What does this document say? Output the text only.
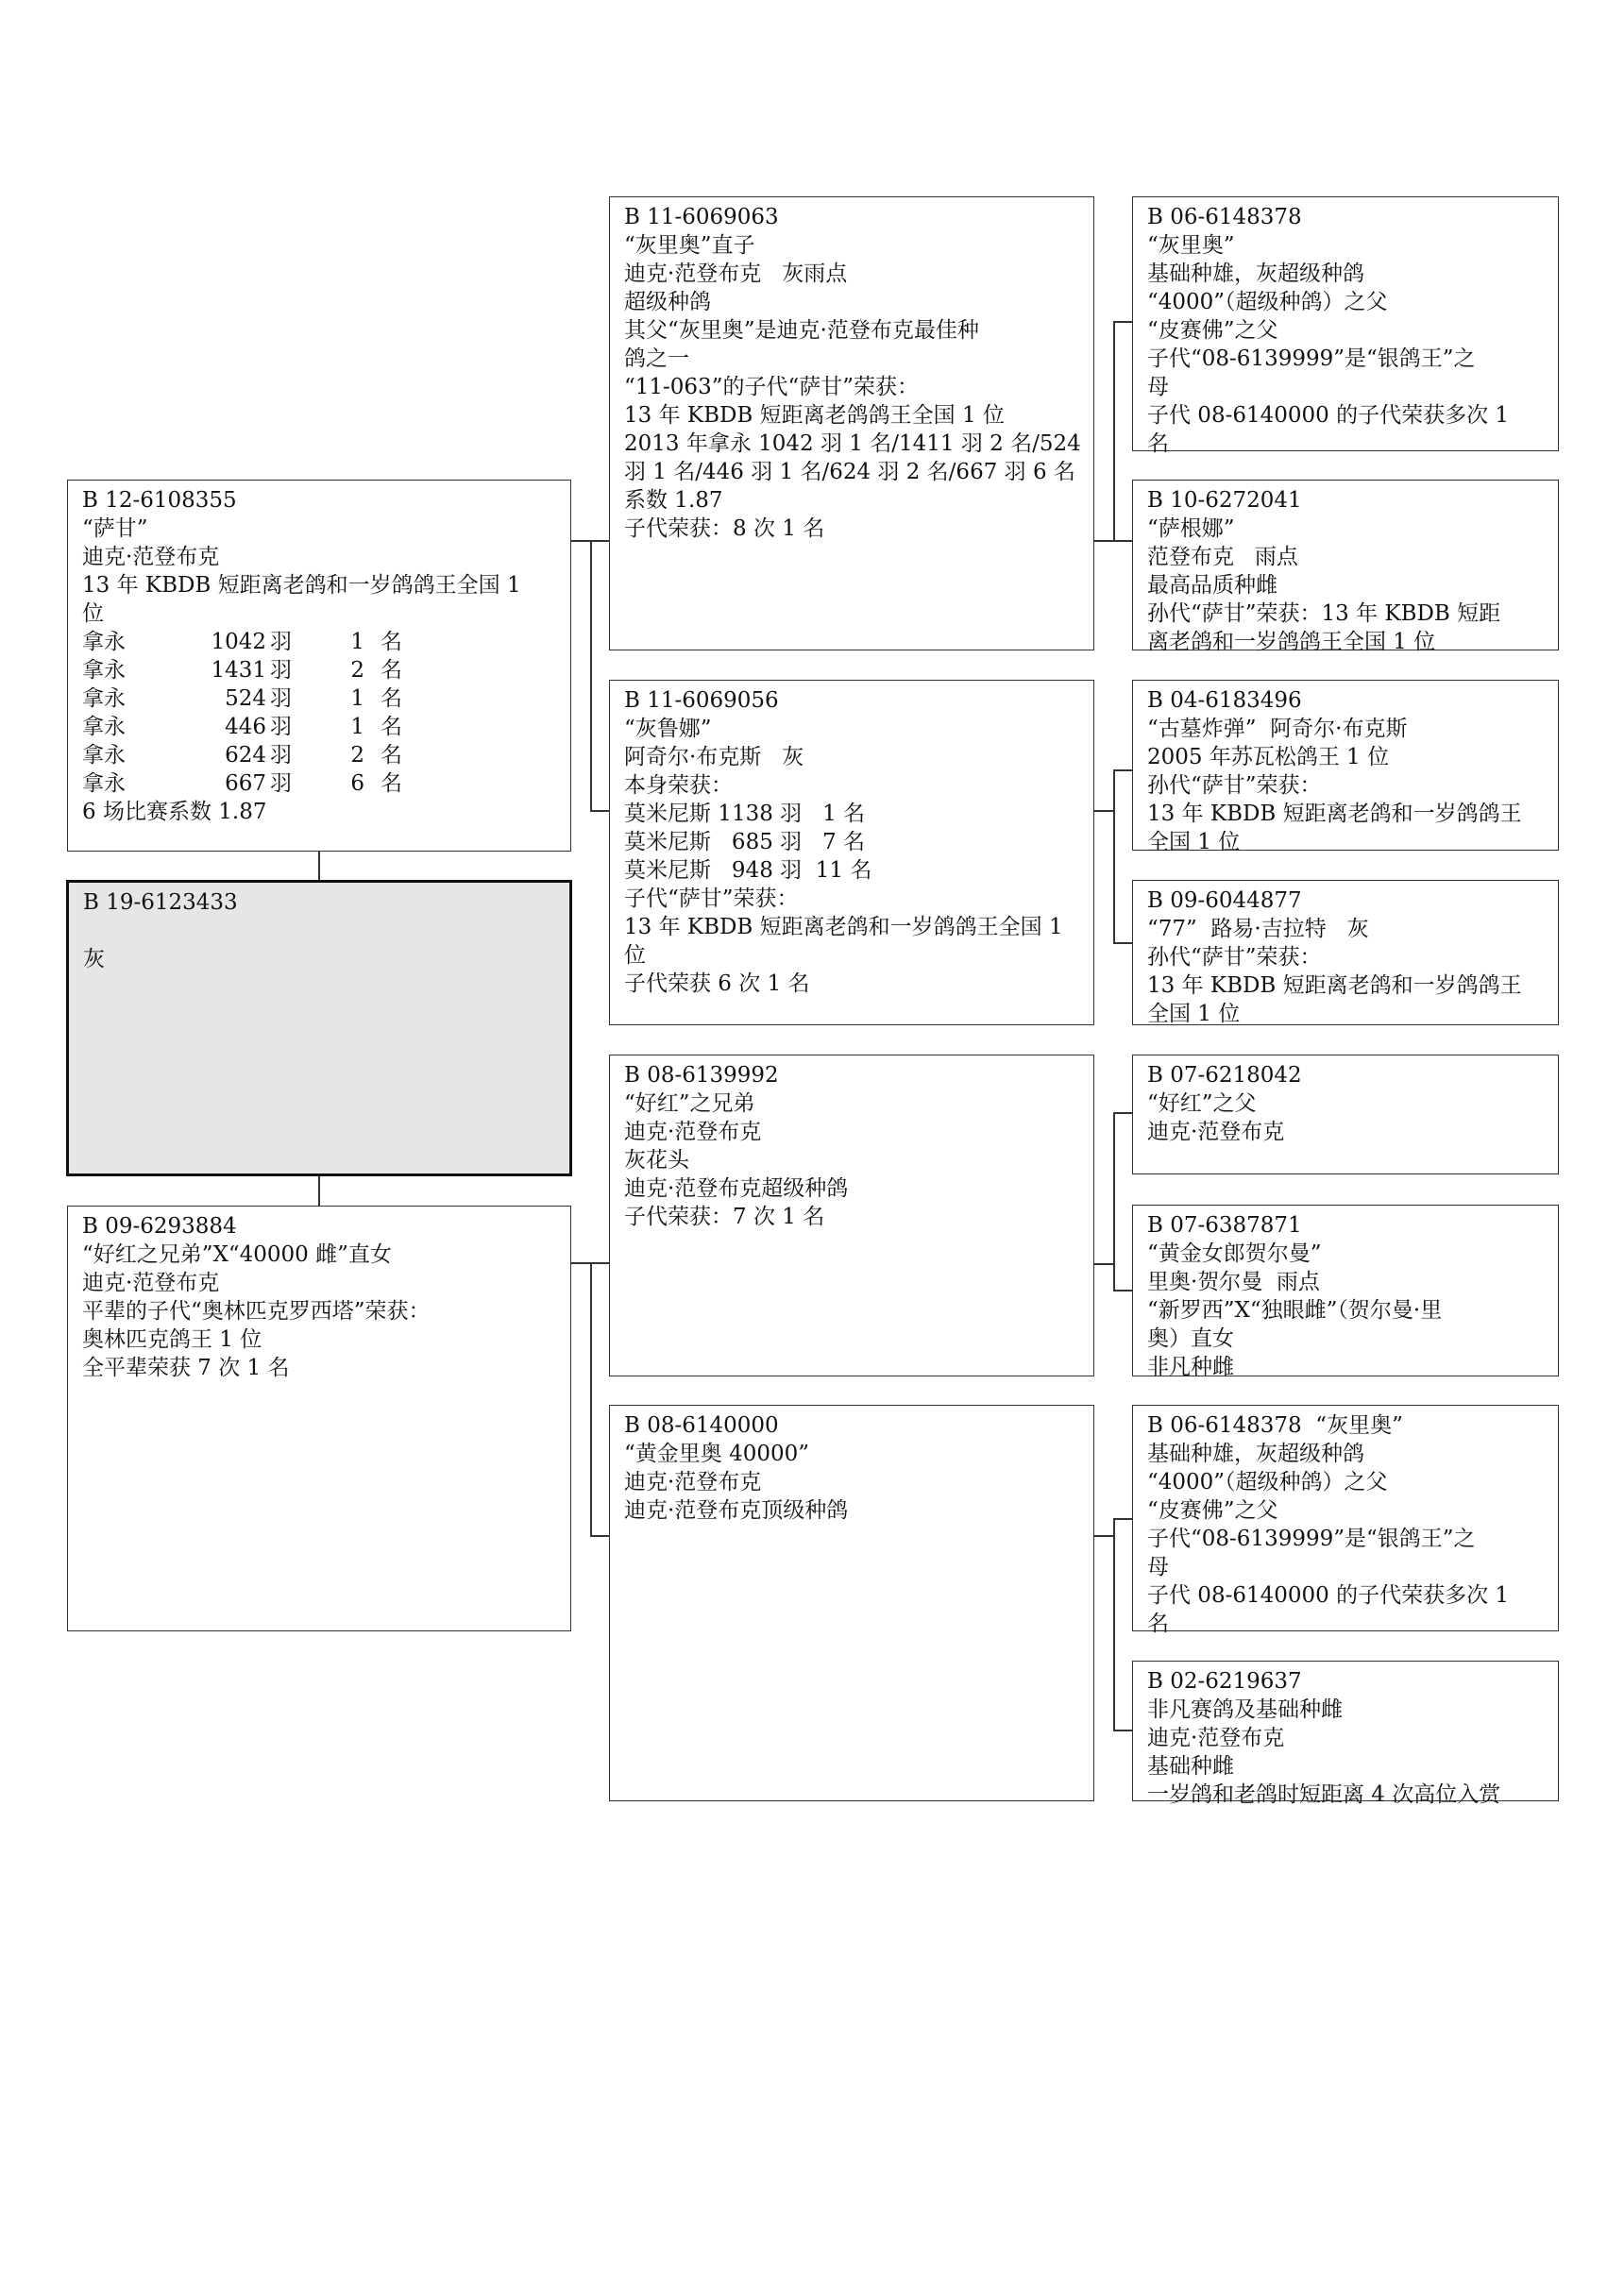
B 12-6108355
“萨甘”
迪克·范登布克
13 年 KBDB 短距离老鸽和一岁鸽鸽王全国 1
位
拿永	1042 羽	1 名
拿永	1431 羽	2 名
拿永	524 羽	1 名
拿永	446 羽	1 名
拿永	624 羽	2 名
拿永	667 羽	6 名
6 场比赛系数 1.87
B 19-6123433
灰
B 09-6293884
“好红之兄弟”X“40000 雌”直女
迪克·范登布克
平辈的子代“奥林匹克罗西塔”荣获：
奥林匹克鸽王 1 位
全平辈荣获 7 次 1 名
B 11-6069063
“灰里奥”直子
迪克·范登布克   灰雨点
超级种鸽
其父“灰里奥”是迪克·范登布克最佳种
鸽之一
“11-063”的子代“萨甘”荣获：
13 年 KBDB 短距离老鸽鸽王全国 1 位
2013 年拿永 1042 羽 1 名/1411 羽 2 名/524
羽 1 名/446 羽 1 名/624 羽 2 名/667 羽 6 名
系数 1.87
子代荣获：8 次 1 名
B 11-6069056
“灰鲁娜”
阿奇尔·布克斯   灰
本身荣获：
莫米尼斯 1138 羽   1 名
莫米尼斯   685 羽   7 名
莫米尼斯   948 羽  11 名
子代“萨甘”荣获：
13 年 KBDB 短距离老鸽和一岁鸽鸽王全国 1
位
子代荣获 6 次 1 名
B 08-6139992
“好红”之兄弟
迪克·范登布克
灰花头
迪克·范登布克超级种鸽
子代荣获：7 次 1 名
B 08-6140000
“黄金里奥 40000”
迪克·范登布克
迪克·范登布克顶级种鸽
B 06-6148378
“灰里奥”
基础种雄，灰超级种鸽
“4000”（超级种鸽）之父
“皮赛佛”之父
子代“08-6139999”是“银鸽王”之
母
子代 08-6140000 的子代荣获多次 1
名
B 10-6272041
“萨根娜”
范登布克   雨点
最高品质种雌
孙代“萨甘”荣获：13 年 KBDB 短距
离老鸽和一岁鸽鸽王全国 1 位
B 04-6183496
“古墓炸弹”  阿奇尔·布克斯
2005 年苏瓦松鸽王 1 位
孙代“萨甘”荣获：
13 年 KBDB 短距离老鸽和一岁鸽鸽王
全国 1 位
B 09-6044877
“77”  路易·吉拉特   灰
孙代“萨甘”荣获：
13 年 KBDB 短距离老鸽和一岁鸽鸽王
全国 1 位
B 07-6218042
“好红”之父
迪克·范登布克
B 07-6387871
“黄金女郎贺尔曼”
里奥·贺尔曼  雨点
“新罗西”X“独眼雌”（贺尔曼·里
奥）直女
非凡种雌
B 06-6148378  “灰里奥”
基础种雄，灰超级种鸽
“4000”（超级种鸽）之父
“皮赛佛”之父
子代“08-6139999”是“银鸽王”之
母
子代 08-6140000 的子代荣获多次 1
名
B 02-6219637
非凡赛鸽及基础种雌
迪克·范登布克
基础种雌
一岁鸽和老鸽时短距离 4 次高位入赏
